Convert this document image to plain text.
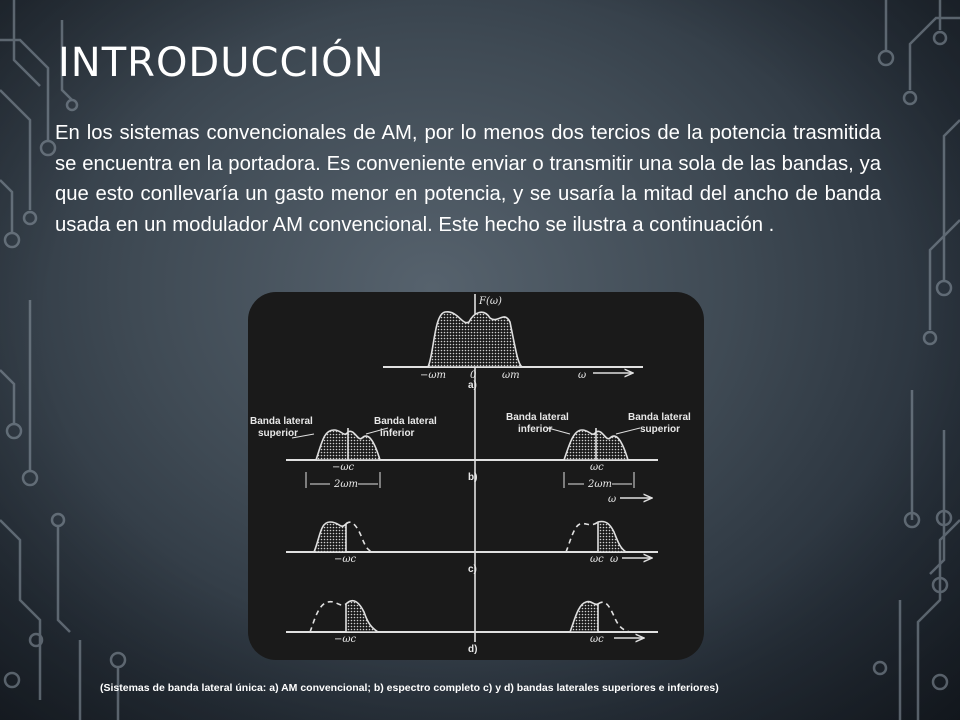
INTRODUCCIÓN

En los sistemas convencionales de AM, por lo menos dos tercios de la potencia trasmitida se encuentra en la portadora. Es conveniente enviar o transmitir una sola de las bandas, ya que esto conllevaría un gasto menor en potencia, y se usaría la mitad del ancho de banda usada en un modulador AM convencional. Este hecho se ilustra a continuación .

F(ω)
−ωm 0	ωm	ω
a)
Banda lateral
superior
Banda lateral
inferior
Banda lateral
inferior
Banda lateral
superior
−ωc	ωc
2ωm	2ωm
ω
b)
−ωc	ωc ω
c)
−ωc	ωc
d)

(Sistemas de banda lateral única: a) AM convencional; b) espectro completo c) y d) bandas laterales superiores e inferiores)
